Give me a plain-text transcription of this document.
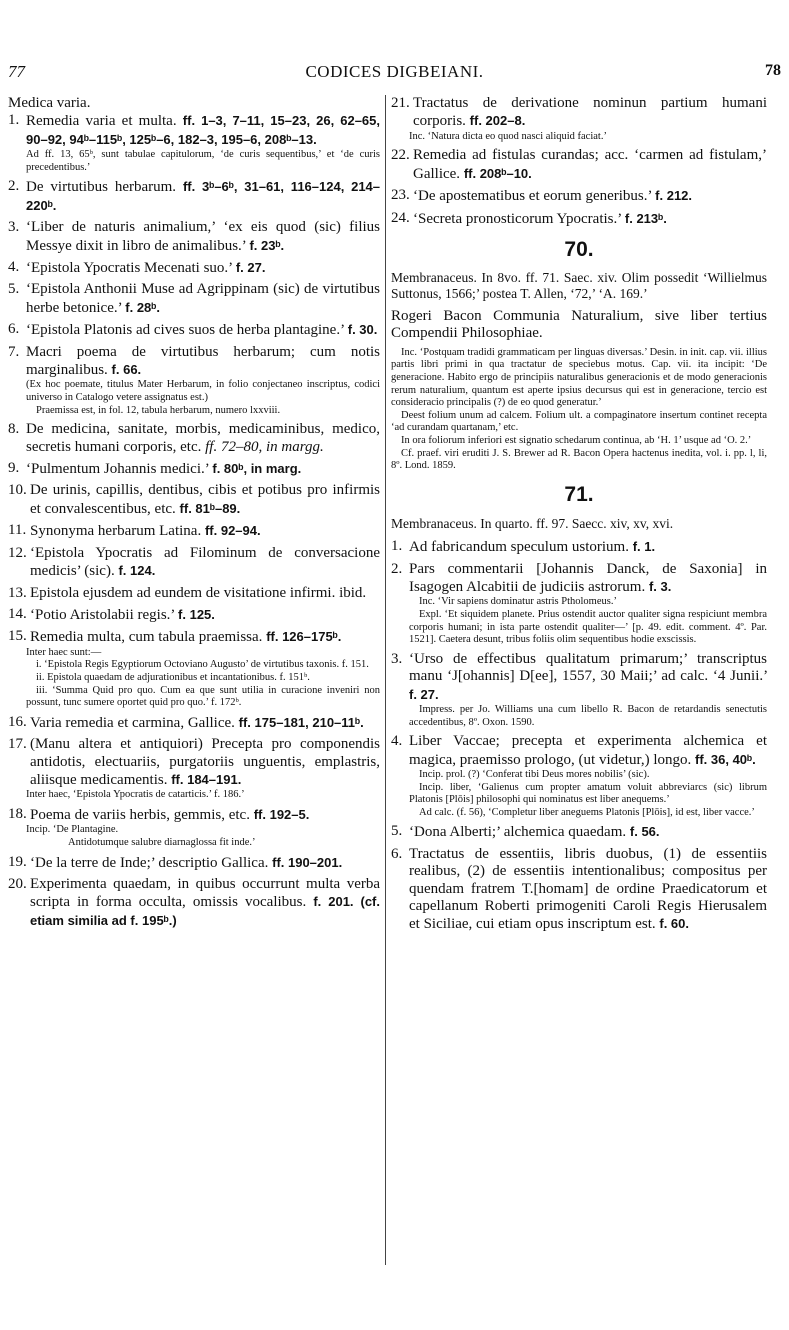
77	CODICES DIGBEIANI.	78
Medica varia.
1. Remedia varia et multa. ff. 1–3, 7–11, 15–23, 26, 62–65, 90–92, 94ᵇ–115ᵇ, 125ᵇ–6, 182–3, 195–6, 208ᵇ–13.
Ad ff. 13, 65ᵇ, sunt tabulae capitulorum, ‘de curis sequentibus,’ et ‘de curis precedentibus.’
2. De virtutibus herbarum. ff. 3ᵇ–6ᵇ, 31–61, 116–124, 214–220ᵇ.
3. ‘Liber de naturis animalium,’ ‘ex eis quod (sic) filius Messye dixit in libro de animalibus.’ f. 23ᵇ.
4. ‘Epistola Ypocratis Mecenati suo.’ f. 27.
5. ‘Epistola Anthonii Muse ad Agrippinam (sic) de virtutibus herbe betonice.’ f. 28ᵇ.
6. ‘Epistola Platonis ad cives suos de herba plantagine.’ f. 30.
7. Macri poema de virtutibus herbarum; cum notis marginalibus. f. 66.
(Ex hoc poemate, titulus Mater Herbarum, in folio conjectaneo inscriptus, codici universo in Catalogo vetere assignatus est.)
Praemissa est, in fol. 12, tabula herbarum, numero lxxviii.
8. De medicina, sanitate, morbis, medicaminibus, medico, secretis humani corporis, etc. ff. 72–80, in margg.
9. ‘Pulmentum Johannis medici.’ f. 80ᵇ, in marg.
10. De urinis, capillis, dentibus, cibis et potibus pro infirmis et convalescentibus, etc. ff. 81ᵇ–89.
11. Synonyma herbarum Latina. ff. 92–94.
12. ‘Epistola Ypocratis ad Filominum de conversacione medicis’ (sic). f. 124.
13. Epistola ejusdem ad eundem de visitatione infirmi. ibid.
14. ‘Potio Aristolabii regis.’ f. 125.
15. Remedia multa, cum tabula praemissa. ff. 126–175ᵇ.
Inter haec sunt:—
i. ‘Epistola Regis Egyptiorum Octoviano Augusto’ de virtutibus taxonis. f. 151.
ii. Epistola quaedam de adjurationibus et incantationibus. f. 151ᵇ.
iii. ‘Summa Quid pro quo. Cum ea que sunt utilia in curacione inveniri non possunt, tunc sumere oportet quid pro quo.’ f. 172ᵇ.
16. Varia remedia et carmina, Gallice. ff. 175–181, 210–11ᵇ.
17. (Manu altera et antiquiori) Precepta pro componendis antidotis, electuariis, purgatoriis unguentis, emplastris, aliisque medicamentis. ff. 184–191.
Inter haec, ‘Epistola Ypocratis de catarticis.’ f. 186.’
18. Poema de variis herbis, gemmis, etc. ff. 192–5.
Incip. ‘De Plantagine.
Antidotumque salubre diarnaglossa fit inde.’
19. ‘De la terre de Inde;’ descriptio Gallica. ff. 190–201.
20. Experimenta quaedam, in quibus occurrunt multa verba scripta in forma occulta, omissis vocalibus. f. 201. (cf. etiam similia ad f. 195ᵇ.)
21. Tractatus de derivatione nominun partium humani corporis. ff. 202–8.
Inc. ‘Natura dicta eo quod nasci aliquid faciat.’
22. Remedia ad fistulas curandas; acc. ‘carmen ad fistulam,’ Gallice. ff. 208ᵇ–10.
23. ‘De apostematibus et eorum generibus.’ f. 212.
24. ‘Secreta pronosticorum Ypocratis.’ f. 213ᵇ.
70.
Membranaceus. In 8vo. ff. 71. Saec. xiv. Olim possedit ‘Willielmus Suttonus, 1566;’ postea T. Allen, ‘72,’ ‘A. 169.’
Rogeri Bacon Communia Naturalium, sive liber tertius Compendii Philosophiae.
Inc. ‘Postquam tradidi grammaticam per linguas diversas.’ Desin. in init. cap. vii. illius partis libri primi in qua tractatur de speciebus motus. Cap. vii. ita incipit: ‘De generacione. Habito ergo de principiis naturalibus generacionis et de modo generacionis rerum naturalium, quantum est aperte ipsius decursus qui est in generacione, tercio est consideracio principalis (?) de eo quod generatur.’
Deest folium unum ad calcem. Folium ult. a compaginatore insertum continet recepta ‘ad curandam quartanam,’ etc.
In ora foliorum inferiori est signatio schedarum continua, ab ‘H. 1’ usque ad ‘O. 2.’
Cf. praef. viri eruditi J. S. Brewer ad R. Bacon Opera hactenus inedita, vol. i. pp. l, li, 8º. Lond. 1859.
71.
Membranaceus. In quarto. ff. 97. Saecc. xiv, xv, xvi.
1. Ad fabricandum speculum ustorium. f. 1.
2. Pars commentarii [Johannis Danck, de Saxonia] in Isagogen Alcabitii de judiciis astrorum. f. 3.
Inc. ‘Vir sapiens dominatur astris Ptholomeus.’
Expl. ‘Et siquidem planete. Prius ostendit auctor qualiter signa respiciunt membra corporis humani; in ista parte ostendit qualiter—’ [p. 49. edit. comment. 4º. Par. 1521]. Caetera desunt, tribus foliis olim sequentibus hodie exscissis.
3. ‘Urso de effectibus qualitatum primarum;’ transcriptus manu ‘J[ohannis] D[ee], 1557, 30 Maii;’ ad calc. ‘4 Junii.’ f. 27.
Impress. per Jo. Williams una cum libello R. Bacon de retardandis senectutis accedentibus, 8º. Oxon. 1590.
4. Liber Vaccae; precepta et experimenta alchemica et magica, praemisso prologo, (ut videtur,) longo. ff. 36, 40ᵇ.
Incip. prol. (?) ‘Conferat tibi Deus mores nobilis’ (sic).
Incip. liber, ‘Galienus cum propter amatum voluit abbreviarcs (sic) librum Platonis [Plōis] philosophi qui nominatus est liber anequems.’
Ad calc. (f. 56), ‘Completur liber aneguems Platonis [Plōis], id est, liber vacce.’
5. ‘Dona Alberti;’ alchemica quaedam. f. 56.
6. Tractatus de essentiis, libris duobus, (1) de essentiis realibus, (2) de essentiis intentionalibus; compositus per quendam fratrem T.[homam] de ordine Praedicatorum et capellanum Roberti primogeniti Caroli Regis Hierusalem et Siciliae, cui etiam opus inscriptum est. f. 60.
